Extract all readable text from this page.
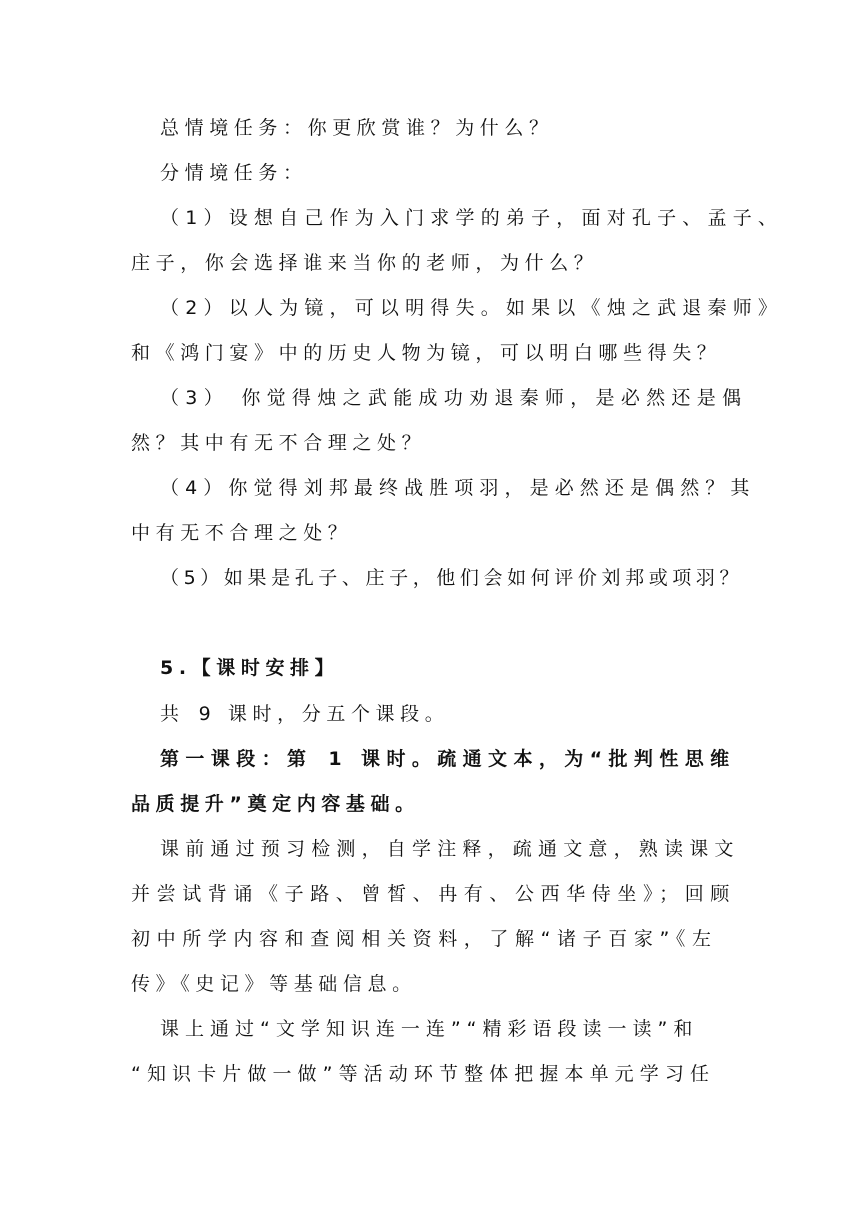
总情境任务：你更欣赏谁？为什么？
分情境任务：
（1）设想自己作为入门求学的弟子，面对孔子、孟子、
庄子，你会选择谁来当你的老师，为什么？
（2）以人为镜，可以明得失。如果以《烛之武退秦师》
和《鸿门宴》中的历史人物为镜，可以明白哪些得失？
（3） 你觉得烛之武能成功劝退秦师，是必然还是偶
然？其中有无不合理之处？
（4）你觉得刘邦最终战胜项羽，是必然还是偶然？其
中有无不合理之处？
（5）如果是孔子、庄子，他们会如何评价刘邦或项羽？
5.【课时安排】
共 9 课时，分五个课段。
第一课段：第 1 课时。疏通文本，为“批判性思维
品质提升”奠定内容基础。
课前通过预习检测，自学注释，疏通文意，熟读课文
并尝试背诵《子路、曾皙、冉有、公西华侍坐》；回顾
初中所学内容和查阅相关资料，了解“诸子百家”《左
传》《史记》等基础信息。
课上通过“文学知识连一连”“精彩语段读一读”和
“知识卡片做一做”等活动环节整体把握本单元学习任
